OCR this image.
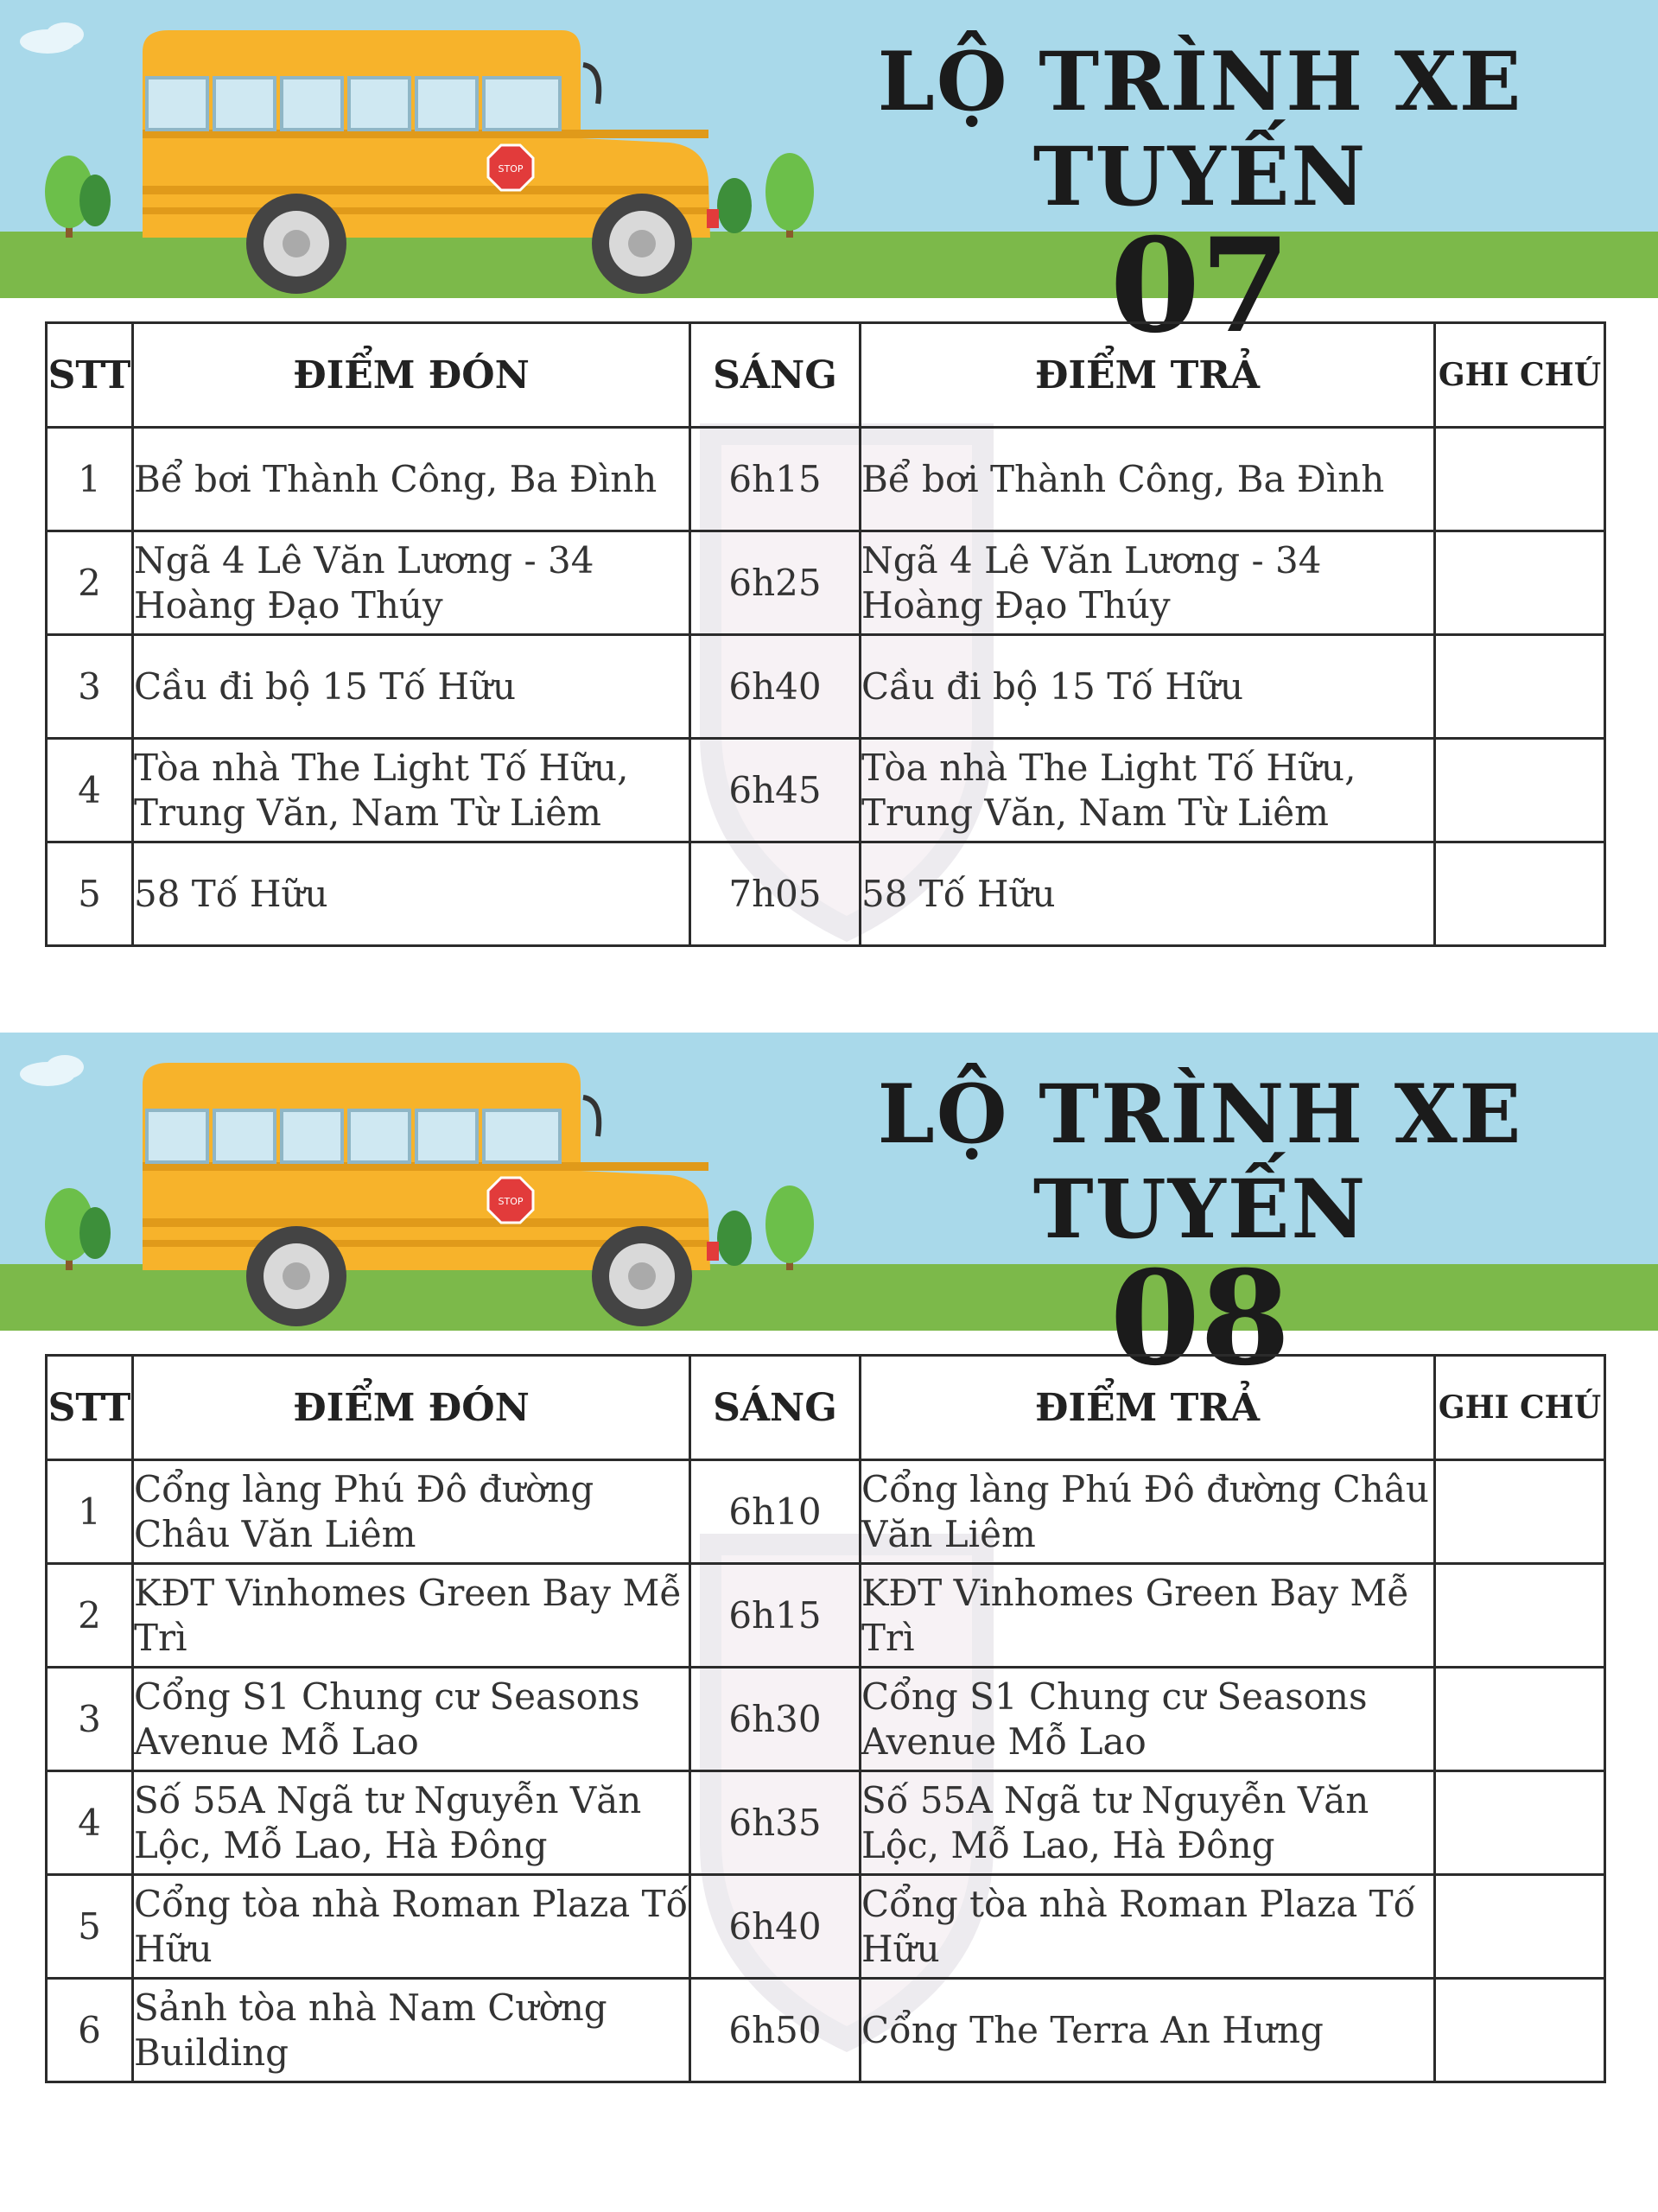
STOP
LỘ TRÌNH XE TUYẾN
07
STT	ĐIỂM ĐÓN	SÁNG	ĐIỂM TRẢ	GHI CHÚ
1	Bể bơi Thành Công, Ba Đình	6h15	Bể bơi Thành Công, Ba Đình	
2	Ngã 4 Lê Văn Lương - 34 Hoàng Đạo Thúy	6h25	Ngã 4 Lê Văn Lương - 34 Hoàng Đạo Thúy	
3	Cầu đi bộ 15 Tố Hữu	6h40	Cầu đi bộ 15 Tố Hữu	
4	Tòa nhà The Light Tố Hữu, Trung Văn, Nam Từ Liêm	6h45	Tòa nhà The Light Tố Hữu, Trung Văn, Nam Từ Liêm	
5	58 Tố Hữu	7h05	58 Tố Hữu	
STOP
LỘ TRÌNH XE TUYẾN
08
STT	ĐIỂM ĐÓN	SÁNG	ĐIỂM TRẢ	GHI CHÚ
1	Cổng làng Phú Đô đường Châu Văn Liêm	6h10	Cổng làng Phú Đô đường Châu Văn Liêm	
2	KĐT Vinhomes Green Bay Mễ Trì	6h15	KĐT Vinhomes Green Bay Mễ Trì	
3	Cổng S1 Chung cư Seasons Avenue Mỗ Lao	6h30	Cổng S1 Chung cư Seasons Avenue Mỗ Lao	
4	Số 55A Ngã tư Nguyễn Văn Lộc, Mỗ Lao, Hà Đông	6h35	Số 55A Ngã tư Nguyễn Văn Lộc, Mỗ Lao, Hà Đông	
5	Cổng tòa nhà Roman Plaza Tố Hữu	6h40	Cổng tòa nhà Roman Plaza Tố Hữu	
6	Sảnh tòa nhà Nam Cường Building	6h50	Cổng The Terra An Hưng	
